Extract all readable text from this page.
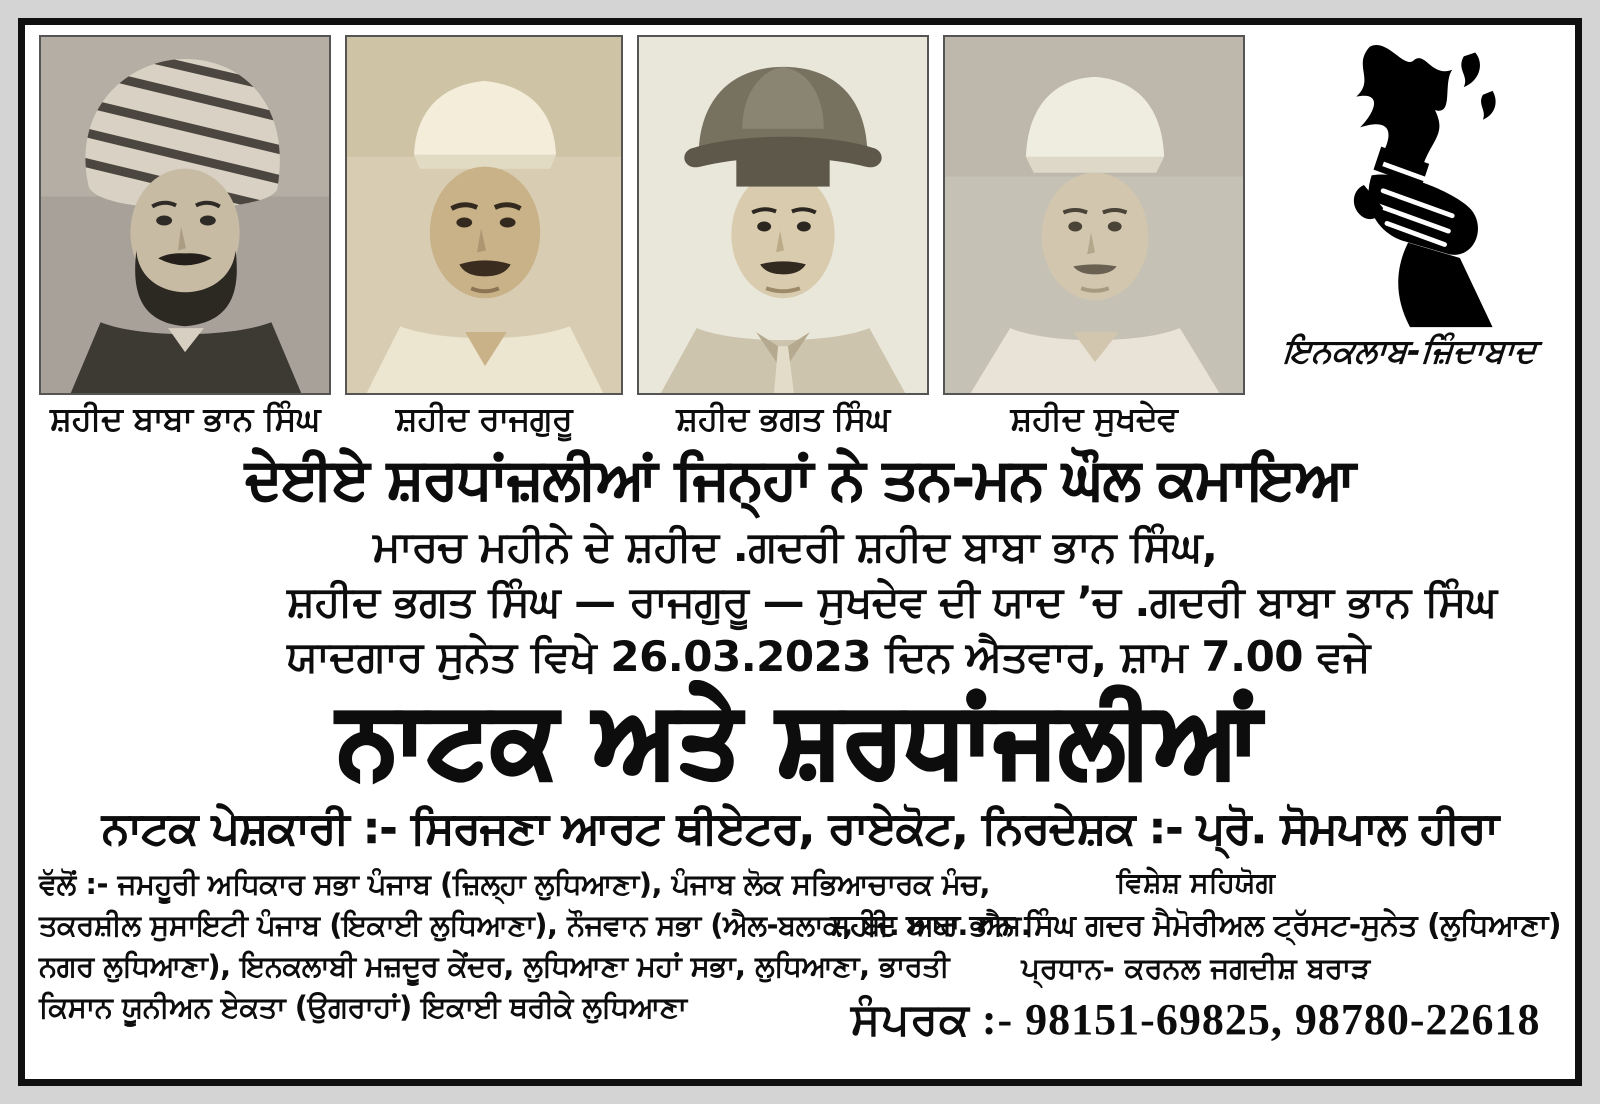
ਸ਼ਹੀਦ ਬਾਬਾ ਭਾਨ ਸਿੰਘ	ਸ਼ਹੀਦ ਰਾਜਗੁਰੂ	ਸ਼ਹੀਦ ਭਗਤ ਸਿੰਘ	ਸ਼ਹੀਦ ਸੁਖਦੇਵ
ਇਨਕਲਾਬ-ਜ਼ਿੰਦਾਬਾਦ
ਦੇਈਏ ਸ਼ਰਧਾਂਜ਼ਲੀਆਂ ਜਿਨ੍ਹਾਂ ਨੇ ਤਨ-ਮਨ ਘੌਲ ਕਮਾਇਆ
ਮਾਰਚ ਮਹੀਨੇ ਦੇ ਸ਼ਹੀਦ .ਗਦਰੀ ਸ਼ਹੀਦ ਬਾਬਾ ਭਾਨ ਸਿੰਘ,
ਸ਼ਹੀਦ ਭਗਤ ਸਿੰਘ — ਰਾਜਗੁਰੂ — ਸੁਖਦੇਵ ਦੀ ਯਾਦ ’ਚ .ਗਦਰੀ ਬਾਬਾ ਭਾਨ ਸਿੰਘ
ਯਾਦਗਾਰ ਸੁਨੇਤ ਵਿਖੇ 26.03.2023 ਦਿਨ ਐਤਵਾਰ, ਸ਼ਾਮ 7.00 ਵਜੇ
ਨਾਟਕ ਅਤੇ ਸ਼ਰਧਾਂਜਲੀਆਂ
ਨਾਟਕ ਪੇਸ਼ਕਾਰੀ :- ਸਿਰਜਣਾ ਆਰਟ ਥੀਏਟਰ, ਰਾਏਕੋਟ, ਨਿਰਦੇਸ਼ਕ :- ਪ੍ਰੋ. ਸੋਮਪਾਲ ਹੀਰਾ
ਵੱਲੋਂ :- ਜਮਹੂਰੀ ਅਧਿਕਾਰ ਸਭਾ ਪੰਜਾਬ (ਜ਼ਿਲ੍ਹਾ ਲੁਧਿਆਣਾ), ਪੰਜਾਬ ਲੋਕ ਸਭਿਆਚਾਰਕ ਮੰਚ,
ਤਕਰਸ਼ੀਲ ਸੁਸਾਇਟੀ ਪੰਜਾਬ (ਇਕਾਈ ਲੁਧਿਆਣਾ), ਨੌਜਵਾਨ ਸਭਾ (ਐਲ-ਬਲਾਕ, ਬੀ. ਆਰ. ਐਸ.
ਨਗਰ ਲੁਧਿਆਣਾ), ਇਨਕਲਾਬੀ ਮਜ਼ਦੂਰ ਕੇਂਦਰ, ਲੁਧਿਆਣਾ ਮਹਾਂ ਸਭਾ, ਲੁਧਿਆਣਾ, ਭਾਰਤੀ
ਕਿਸਾਨ ਯੂਨੀਅਨ ਏਕਤਾ (ਉਗਰਾਹਾਂ) ਇਕਾਈ ਥਰੀਕੇ ਲੁਧਿਆਣਾ
ਵਿਸ਼ੇਸ਼ ਸਹਿਯੋਗ
ਸ਼ਹੀਦ ਬਾਬਾ ਭਾਨ ਸਿੰਘ ਗਦਰ ਮੈਮੋਰੀਅਲ ਟ੍ਰੱਸਟ-ਸੁਨੇਤ (ਲੁਧਿਆਣਾ)
ਪ੍ਰਧਾਨ- ਕਰਨਲ ਜਗਦੀਸ਼ ਬਰਾੜ
ਸੰਪਰਕ :- 98151-69825, 98780-22618
